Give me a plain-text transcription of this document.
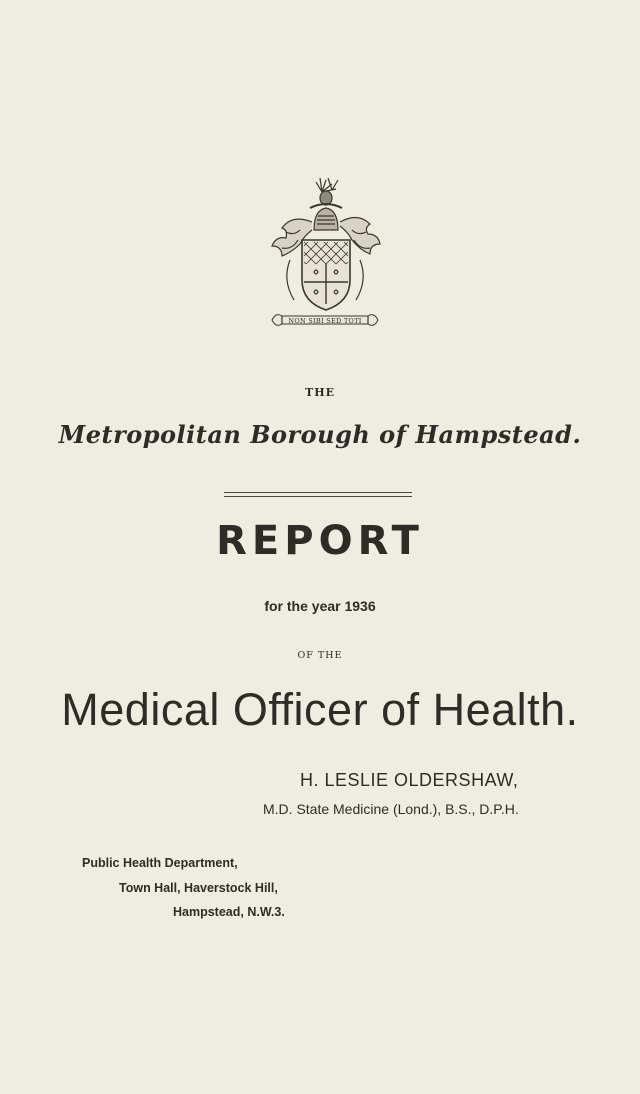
NON SIBI SED TOTI
THE
Metropolitan Borough of Hampstead.
REPORT
for the year 1936
OF THE
Medical Officer of Health.
H. LESLIE OLDERSHAW,
M.D. State Medicine (Lond.), B.S., D.P.H.
Public Health Department,
Town Hall, Haverstock Hill,
Hampstead, N.W.3.
